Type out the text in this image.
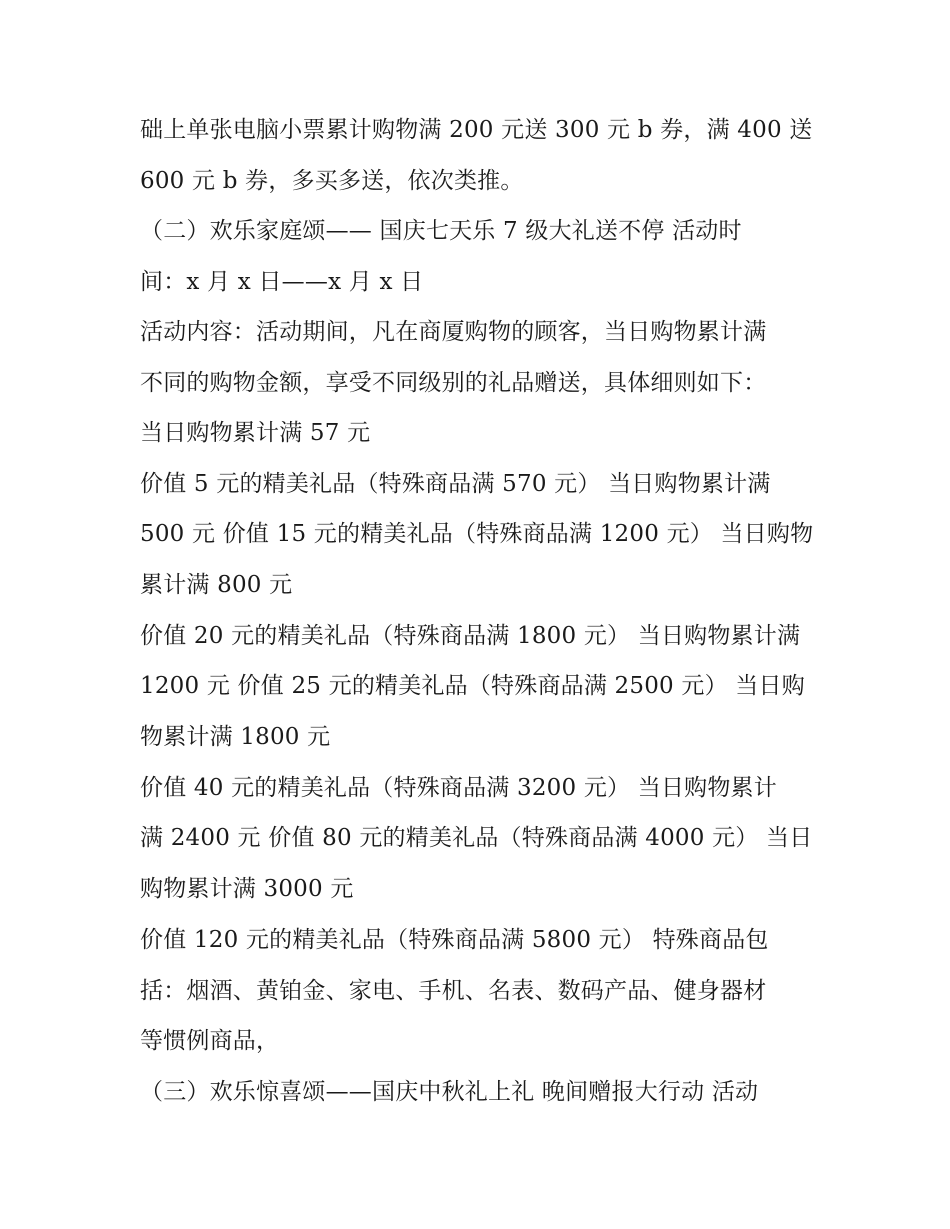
础上单张电脑小票累计购物满 200 元送 300 元 b 券，满 400 送
600 元 b 券，多买多送，依次类推。
（二）欢乐家庭颂—— 国庆七天乐 7 级大礼送不停 活动时
间：x 月 x 日——x 月 x 日
活动内容：活动期间，凡在商厦购物的顾客，当日购物累计满
不同的购物金额，享受不同级别的礼品赠送，具体细则如下：
当日购物累计满 57 元
价值 5 元的精美礼品（特殊商品满 570 元） 当日购物累计满
500 元 价值 15 元的精美礼品（特殊商品满 1200 元） 当日购物
累计满 800 元
价值 20 元的精美礼品（特殊商品满 1800 元） 当日购物累计满
1200 元 价值 25 元的精美礼品（特殊商品满 2500 元） 当日购
物累计满 1800 元
价值 40 元的精美礼品（特殊商品满 3200 元） 当日购物累计
满 2400 元 价值 80 元的精美礼品（特殊商品满 4000 元） 当日
购物累计满 3000 元
价值 120 元的精美礼品（特殊商品满 5800 元） 特殊商品包
括：烟酒、黄铂金、家电、手机、名表、数码产品、健身器材
等惯例商品，
（三）欢乐惊喜颂——国庆中秋礼上礼 晚间赠报大行动 活动
